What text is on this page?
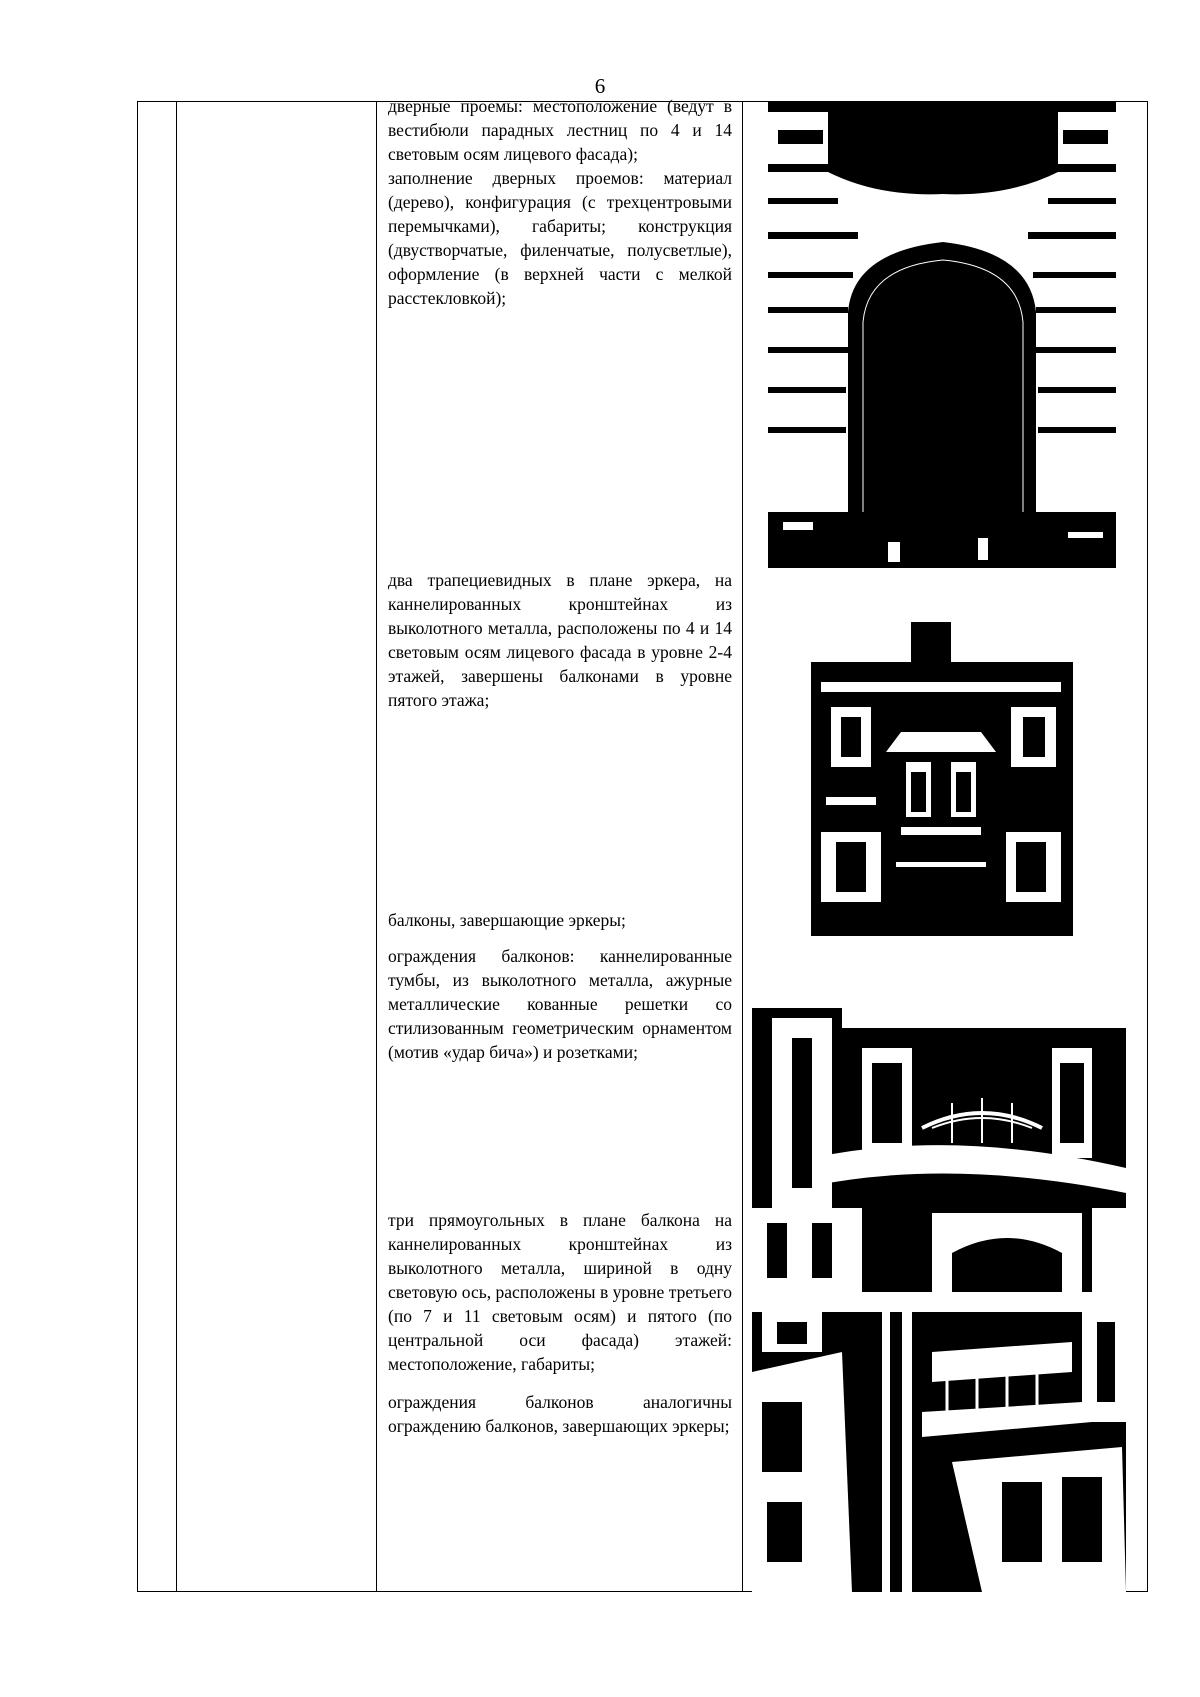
6

дверные проемы: местоположение (ведут в вестибюли парадных лестниц по 4 и 14 световым осям лицевого фасада);

заполнение дверных проемов: материал (дерево), конфигурация (с трехцентровыми перемычками), габариты; конструкция (двустворчатые, филенчатые, полусветлые), оформление (в верхней части с мелкой расстекловкой);

два трапециевидных в плане эркера, на каннелированных кронштейнах из выколотного металла, расположены по 4 и 14 световым осям лицевого фасада в уровне 2-4 этажей, завершены балконами в уровне пятого этажа;

балконы, завершающие эркеры;

ограждения балконов: каннелированные тумбы, из выколотного металла, ажурные металлические кованные решетки со стилизованным геометрическим орнаментом (мотив «удар бича») и розетками;

три прямоугольных в плане балкона на каннелированных кронштейнах из выколотного металла, шириной в одну световую ось, расположены в уровне третьего (по 7 и 11 световым осям) и пятого (по центральной оси фасада) этажей: местоположение, габариты;

ограждения балконов аналогичны ограждению балконов, завершающих эркеры;
